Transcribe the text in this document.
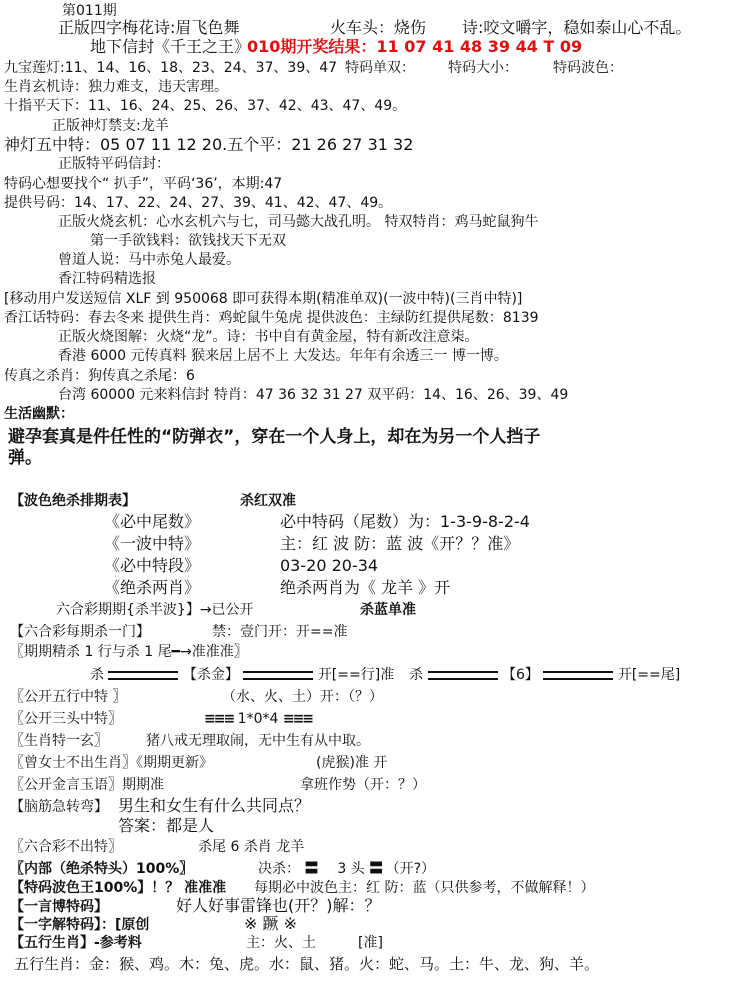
第011期
正版四字梅花诗:眉飞色舞	火车头：烧伤 诗:咬文嚼字，稳如泰山心不乱。
地下信封《千王之王》
010期开奖结果：11 07 41 48 39 44 T 09
九宝莲灯:11、14、16、18、23、24、37、39、47 特码单双： 特码大小：	特码波色：
生肖玄机诗：独力难支，违天害理。
十指平天下：11、16、24、25、26、37、42、43、47、49。
正版神灯禁支:龙羊
神灯五中特：05 07 11 12 20.五个平：21 26 27 31 32
正版特平码信封：
特码心想要找个“ 扒手”，平码‘36’，本期:47
提供号码：14、17、22、24、27、39、41、42、47、49。
正版火烧玄机：心水玄机六与七，司马懿大战孔明。 特双特肖：鸡马蛇鼠狗牛
第一手欲钱料：欲钱找天下无双
曾道人说：马中赤兔人最爱。
香江特码精选报
[移动用户发送短信 XLF 到 950068 即可获得本期(精准单双)(一波中特)(三肖中特)]
香江话特码：春去冬来 提供生肖：鸡蛇鼠牛兔虎 提供波色：主绿防红提供尾数：8139
正版火烧图解：火烧“龙”。诗：书中自有黄金屋，特有新改注意柒。
香港 6000 元传真料 猴来居上居不上 大发达。年年有余透三一 博一博。
传真之杀肖：狗传真之杀尾：6
台湾 60000 元来料信封 特肖：47 36 32 31 27 双平码：14、16、26、39、49
生活幽默：
避孕套真是件任性的“防弹衣”，穿在一个人身上，却在为另一个人挡子
弹。
【波色绝杀排期表】	杀红双准
《必中尾数》	必中特码（尾数）为：1-3-9-8-2-4
《一波中特》	主：红 波 防：蓝 波《开？？准》
《必中特段》	03-20 20-34
《绝杀两肖》	绝杀两肖为《 龙羊 》开
六合彩期期{杀半波}】→已公开	杀蓝单准
【六合彩每期杀一门】	禁：壹门开：开==准
〖期期精杀 1 行与杀 1 尾━→准准准〗
杀	【杀金】	开[==行]准 杀	【6】	开[==尾]
〖公开五行中特 〗	（水、火、土）开：（？）
〖公开三头中特〗	≡≡≡ 1*0*4 ≡≡≡
〖生肖特一玄〗	猪八戒无理取闹，无中生有从中取。
〖曾女士不出生肖〗《期期更新》	(虎猴)准 开
〖公开金言玉语〗期期准	拿班作势（开：？）
【脑筋急转弯】 男生和女生有什么共同点？
答案：都是人
〖六合彩不出特〗	杀尾 6 杀肖 龙羊
〖内部（绝杀特头）100%〗	决杀： 〓 3 头 〓 （开?）
【特码波色王100%】！？ 准准准 每期必中波色主：红 防：蓝（只供参考，不做解释！）
【一言博特码】	好人好事雷锋也(开？)解：？
【一字解特码】：[原创	※ 蹶 ※
【五行生肖】-参考料	主：火、土	[准]
五行生肖：金：猴、鸡。木：兔、虎。水：鼠、猪。火：蛇、马。土：牛、龙、狗、羊。
